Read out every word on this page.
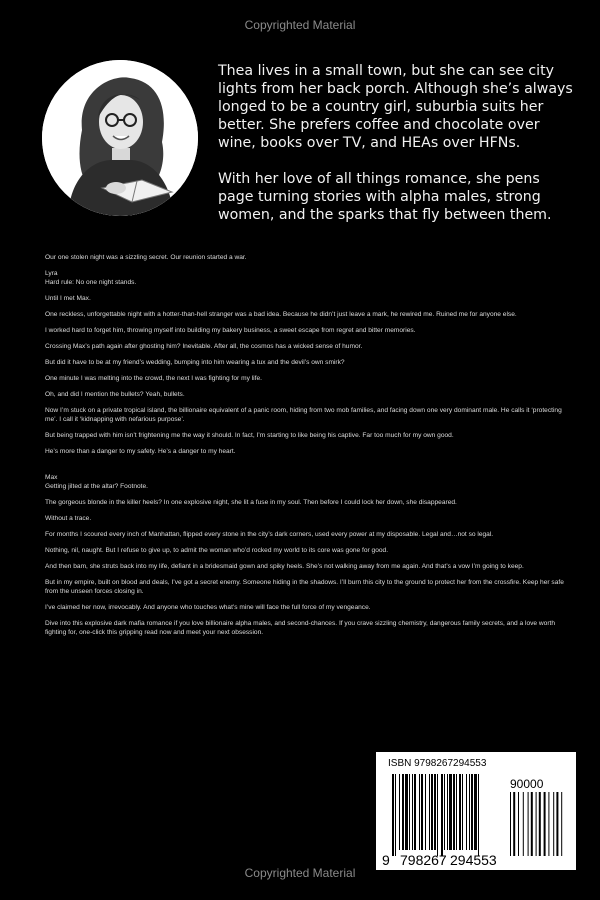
Copyrighted Material

Thea lives in a small town, but she can see city lights from her back porch. Although she’s always longed to be a country girl, suburbia suits her better. She prefers coffee and chocolate over wine, books over TV, and HEAs over HFNs.

With her love of all things romance, she pens page turning stories with alpha males, strong women, and the sparks that fly between them.

Our one stolen night was a sizzling secret. Our reunion started a war.

Lyra

Hard rule: No one night stands.

Until I met Max.

One reckless, unforgettable night with a hotter-than-hell stranger was a bad idea. Because he didn’t just leave a mark, he rewired me. Ruined me for anyone else.

I worked hard to forget him, throwing myself into building my bakery business, a sweet escape from regret and bitter memories.

Crossing Max’s path again after ghosting him? Inevitable. After all, the cosmos has a wicked sense of humor.

But did it have to be at my friend’s wedding, bumping into him wearing a tux and the devil’s own smirk?

One minute I was melting into the crowd, the next I was fighting for my life.

Oh, and did I mention the bullets? Yeah, bullets.

Now I’m stuck on a private tropical island, the billionaire equivalent of a panic room, hiding from two mob families, and facing down one very dominant male. He calls it ‘protecting me’. I call it ‘kidnapping with nefarious purpose’.

But being trapped with him isn’t frightening me the way it should. In fact, I’m starting to like being his captive. Far too much for my own good.

He’s more than a danger to my safety. He’s a danger to my heart.

Max

Getting jilted at the altar? Footnote.

The gorgeous blonde in the killer heels? In one explosive night, she lit a fuse in my soul. Then before I could lock her down, she disappeared.

Without a trace.

For months I scoured every inch of Manhattan, flipped every stone in the city’s dark corners, used every power at my disposable. Legal and…not so legal.

Nothing, nil, naught. But I refuse to give up, to admit the woman who’d rocked my world to its core was gone for good.

And then bam, she struts back into my life, defiant in a bridesmaid gown and spiky heels. She’s not walking away from me again. And that’s a vow I’m going to keep.

But in my empire, built on blood and deals, I’ve got a secret enemy. Someone hiding in the shadows. I’ll burn this city to the ground to protect her from the crossfire. Keep her safe from the unseen forces closing in.

I’ve claimed her now, irrevocably. And anyone who touches what’s mine will face the full force of my vengeance.

Dive into this explosive dark mafia romance if you love billionaire alpha males, and second-chances. If you crave sizzling chemistry, dangerous family secrets, and a love worth fighting for, one-click this gripping read now and meet your next obsession.

ISBN 9798267294553
9 798267 294553
90000
Copyrighted Material
